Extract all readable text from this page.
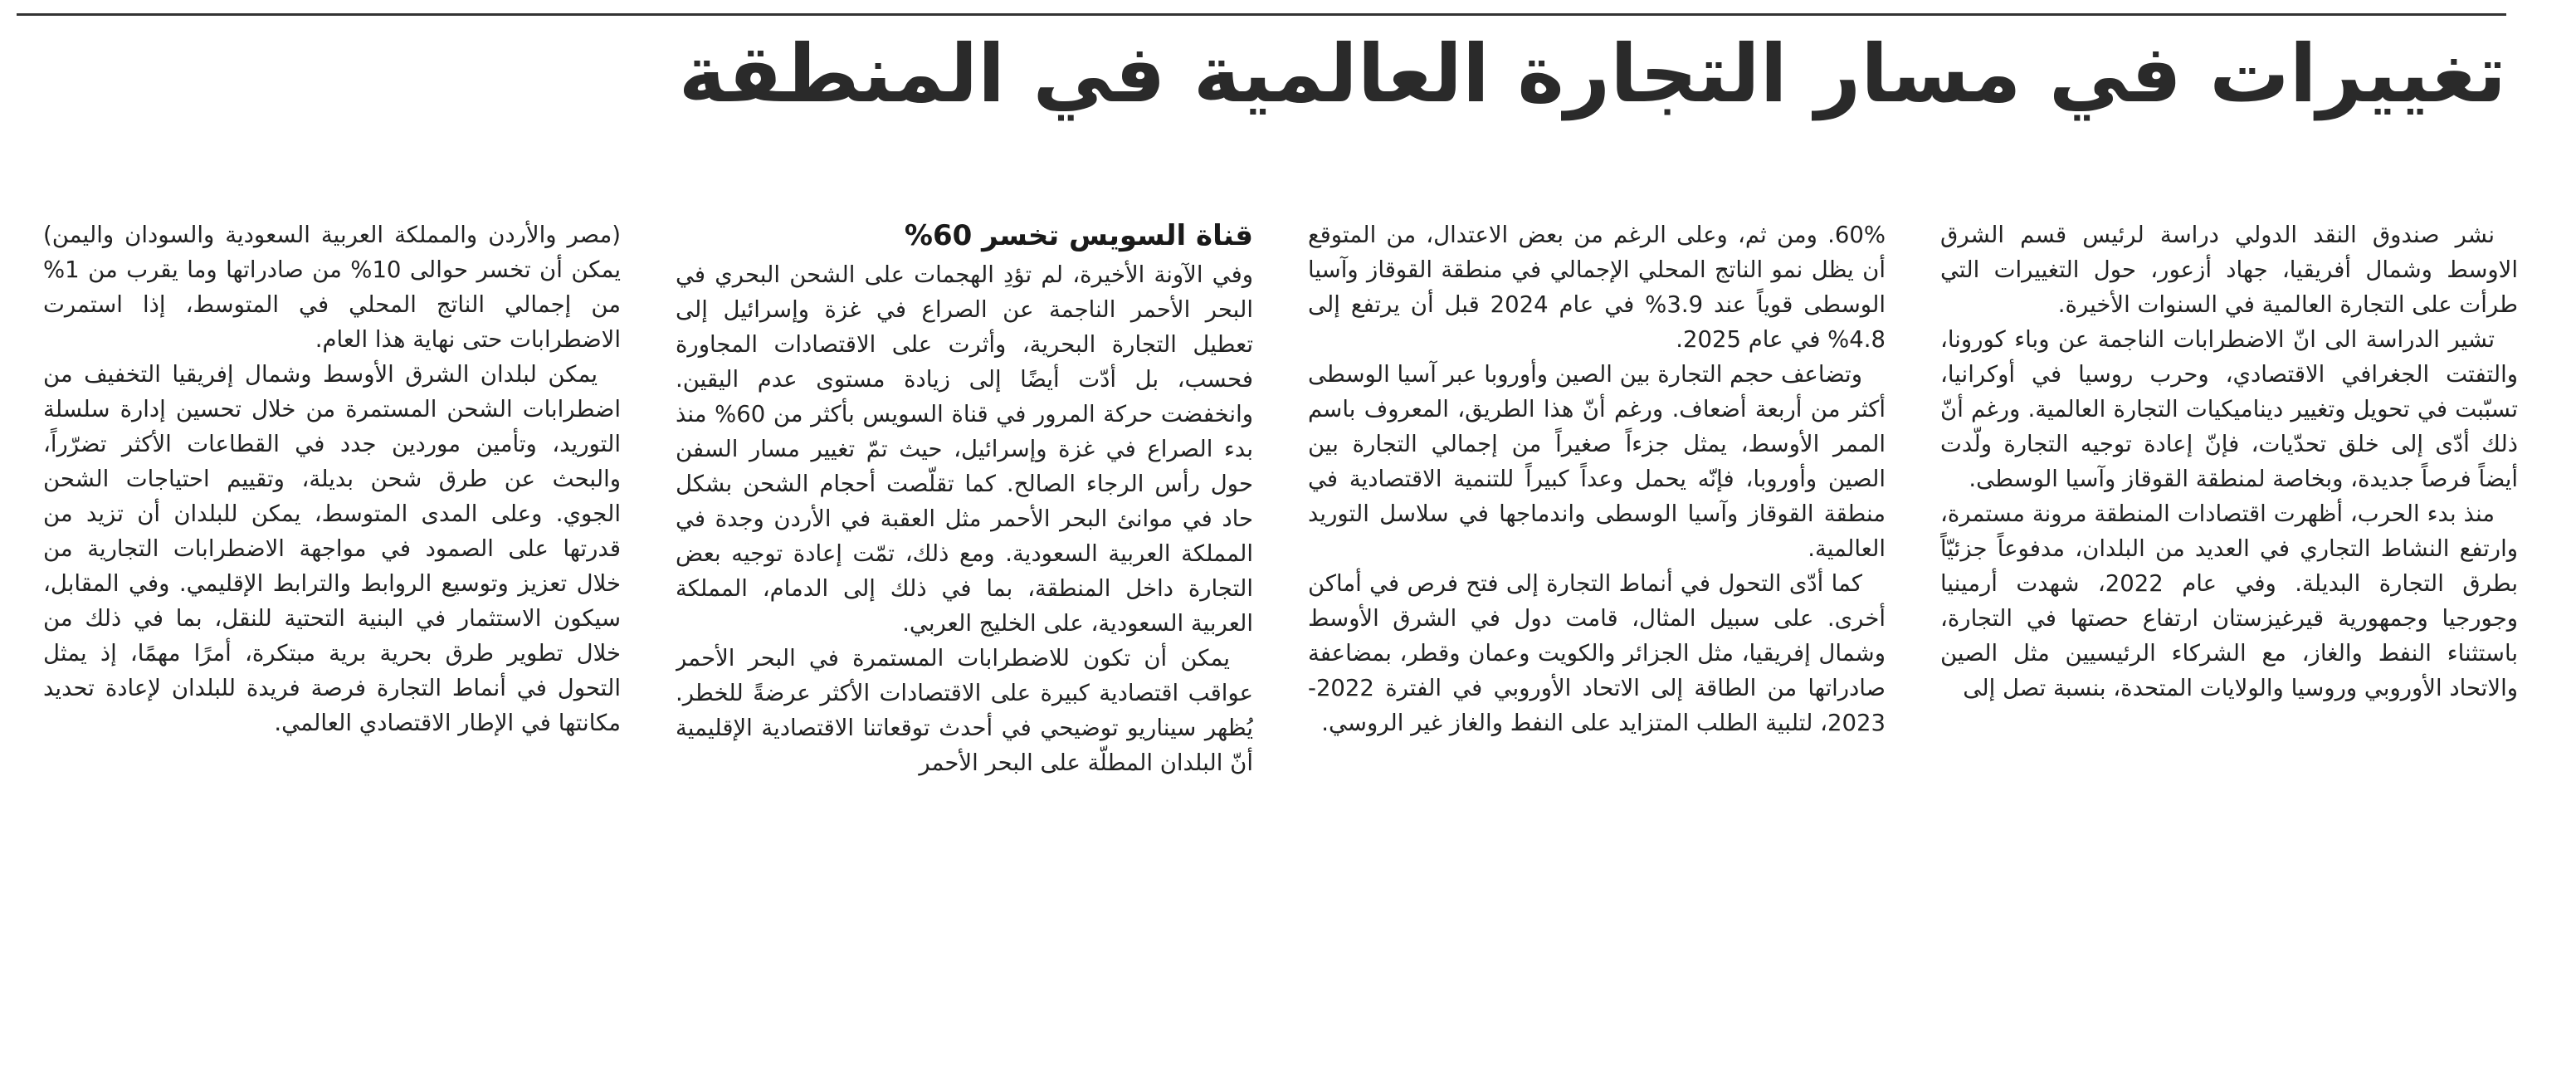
تغييرات في مسار التجارة العالمية في المنطقة

نشر صندوق النقد الدولي دراسة لرئيس قسم الشرق الاوسط وشمال أفريقيا، جهاد أزعور، حول التغييرات التي طرأت على التجارة العالمية في السنوات الأخيرة.

تشير الدراسة الى انّ الاضطرابات الناجمة عن وباء كورونا، والتفتت الجغرافي الاقتصادي، وحرب روسيا في أوكرانيا، تسبّبت في تحويل وتغيير ديناميكيات التجارة العالمية. ورغم أنّ ذلك أدّى إلى خلق تحدّيات، فإنّ إعادة توجيه التجارة ولّدت أيضاً فرصاً جديدة، وبخاصة لمنطقة القوقاز وآسيا الوسطى.

منذ بدء الحرب، أظهرت اقتصادات المنطقة مرونة مستمرة، وارتفع النشاط التجاري في العديد من البلدان، مدفوعاً جزئيّاً بطرق التجارة البديلة. وفي عام 2022، شهدت أرمينيا وجورجيا وجمهورية قيرغيزستان ارتفاع حصتها في التجارة، باستثناء النفط والغاز، مع الشركاء الرئيسيين مثل الصين والاتحاد الأوروبي وروسيا والولايات المتحدة، بنسبة تصل إلى

60%. ومن ثم، وعلى الرغم من بعض الاعتدال، من المتوقع أن يظل نمو الناتج المحلي الإجمالي في منطقة القوقاز وآسيا الوسطى قوياً عند 3.9% في عام 2024 قبل أن يرتفع إلى 4.8% في عام 2025.

وتضاعف حجم التجارة بين الصين وأوروبا عبر آسيا الوسطى أكثر من أربعة أضعاف. ورغم أنّ هذا الطريق، المعروف باسم الممر الأوسط، يمثل جزءاً صغيراً من إجمالي التجارة بين الصين وأوروبا، فإنّه يحمل وعداً كبيراً للتنمية الاقتصادية في منطقة القوقاز وآسيا الوسطى واندماجها في سلاسل التوريد العالمية.

كما أدّى التحول في أنماط التجارة إلى فتح فرص في أماكن أخرى. على سبيل المثال، قامت دول في الشرق الأوسط وشمال إفريقيا، مثل الجزائر والكويت وعمان وقطر، بمضاعفة صادراتها من الطاقة إلى الاتحاد الأوروبي في الفترة 2022-2023، لتلبية الطلب المتزايد على النفط والغاز غير الروسي.

قناة السويس تخسر 60%

وفي الآونة الأخيرة، لم تؤدِ الهجمات على الشحن البحري في البحر الأحمر الناجمة عن الصراع في غزة وإسرائيل إلى تعطيل التجارة البحرية، وأثرت على الاقتصادات المجاورة فحسب، بل أدّت أيضًا إلى زيادة مستوى عدم اليقين. وانخفضت حركة المرور في قناة السويس بأكثر من 60% منذ بدء الصراع في غزة وإسرائيل، حيث تمّ تغيير مسار السفن حول رأس الرجاء الصالح. كما تقلّصت أحجام الشحن بشكل حاد في موانئ البحر الأحمر مثل العقبة في الأردن وجدة في المملكة العربية السعودية. ومع ذلك، تمّت إعادة توجيه بعض التجارة داخل المنطقة، بما في ذلك إلى الدمام، المملكة العربية السعودية، على الخليج العربي.

يمكن أن تكون للاضطرابات المستمرة في البحر الأحمر عواقب اقتصادية كبيرة على الاقتصادات الأكثر عرضةً للخطر. يُظهر سيناريو توضيحي في أحدث توقعاتنا الاقتصادية الإقليمية أنّ البلدان المطلّة على البحر الأحمر

(مصر والأردن والمملكة العربية السعودية والسودان واليمن) يمكن أن تخسر حوالى 10% من صادراتها وما يقرب من 1% من إجمالي الناتج المحلي في المتوسط، إذا استمرت الاضطرابات حتى نهاية هذا العام.

يمكن لبلدان الشرق الأوسط وشمال إفريقيا التخفيف من اضطرابات الشحن المستمرة من خلال تحسين إدارة سلسلة التوريد، وتأمين موردين جدد في القطاعات الأكثر تضرّراً، والبحث عن طرق شحن بديلة، وتقييم احتياجات الشحن الجوي. وعلى المدى المتوسط، يمكن للبلدان أن تزيد من قدرتها على الصمود في مواجهة الاضطرابات التجارية من خلال تعزيز وتوسيع الروابط والترابط الإقليمي. وفي المقابل، سيكون الاستثمار في البنية التحتية للنقل، بما في ذلك من خلال تطوير طرق بحرية برية مبتكرة، أمرًا مهمًا، إذ يمثل التحول في أنماط التجارة فرصة فريدة للبلدان لإعادة تحديد مكانتها في الإطار الاقتصادي العالمي.
